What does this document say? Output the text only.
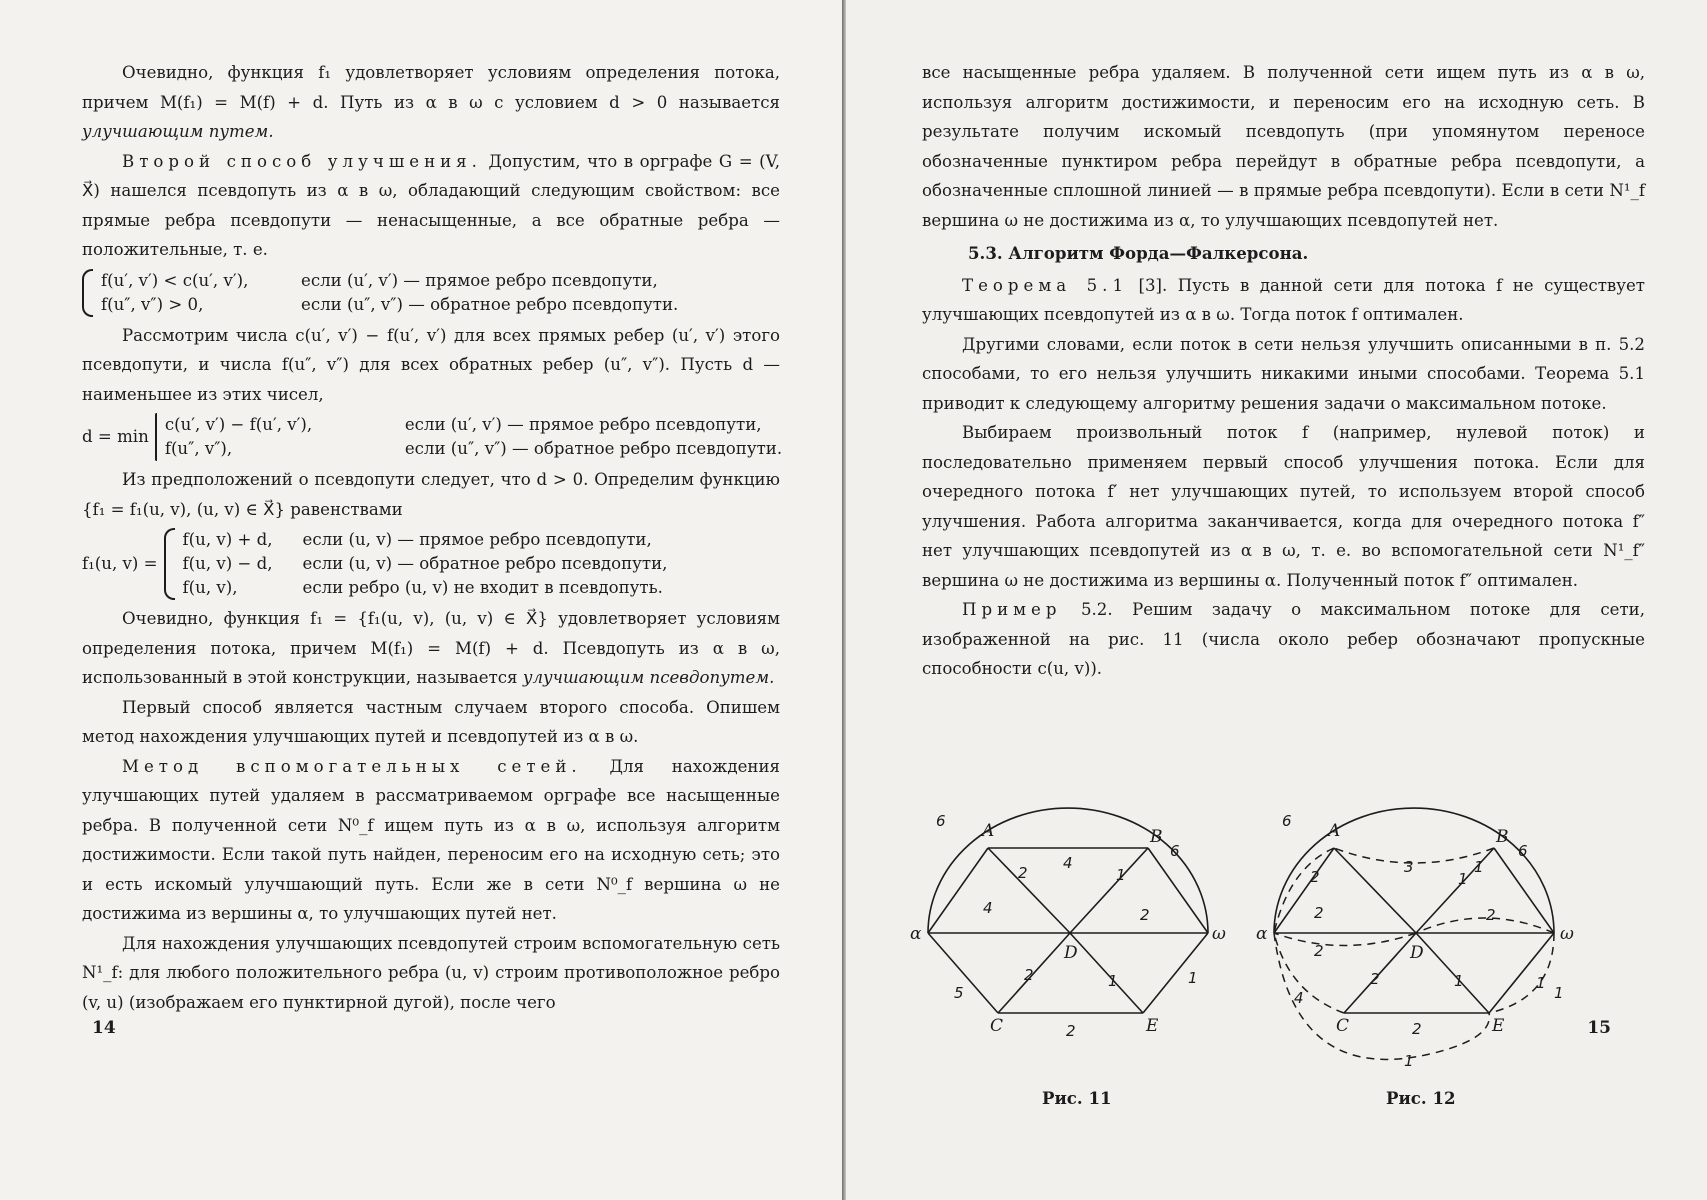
Очевидно, функция f₁ удовлетворяет условиям определения потока, причем M(f₁) = M(f) + d. Путь из α в ω с условием d > 0 называется улучшающим путем.

Второй способ улучшения. Допустим, что в орграфе G = (V, X⃗) нашелся псевдопуть из α в ω, обладающий следующим свойством: все прямые ребра псевдопути — ненасыщенные, а все обратные ребра — положительные, т. е.

f(u′, v′) < c(u′, v′),	если (u′, v′) — прямое ребро псевдопути,
f(u″, v″) > 0,	если (u″, v″) — обратное ребро псевдопути.

Рассмотрим числа c(u′, v′) − f(u′, v′) для всех прямых ребер (u′, v′) этого псевдопути, и числа f(u″, v″) для всех обратных ребер (u″, v″). Пусть d — наименьшее из этих чисел,

d = min
c(u′, v′) − f(u′, v′),	если (u′, v′) — прямое ребро псевдопути,
f(u″, v″),	если (u″, v″) — обратное ребро псевдопути.

Из предположений о псевдопути следует, что d > 0. Определим функцию {f₁ = f₁(u, v), (u, v) ∈ X⃗} равенствами

f₁(u, v) =
f(u, v) + d,	если (u, v) — прямое ребро псевдопути,
f(u, v) − d,	если (u, v) — обратное ребро псевдопути,
f(u, v),	если ребро (u, v) не входит в псевдопуть.

Очевидно, функция f₁ = {f₁(u, v), (u, v) ∈ X⃗} удовлетворяет условиям определения потока, причем M(f₁) = M(f) + d. Псевдопуть из α в ω, использованный в этой конструкции, называется улучшающим псевдопутем.

Первый способ является частным случаем второго способа. Опишем метод нахождения улучшающих путей и псевдопутей из α в ω.

Метод вспомогательных сетей. Для нахождения улучшающих путей удаляем в рассматриваемом орграфе все насыщенные ребра. В полученной сети N⁰_f ищем путь из α в ω, используя алгоритм достижимости. Если такой путь найден, переносим его на исходную сеть; это и есть искомый улучшающий путь. Если же в сети N⁰_f вершина ω не достижима из вершины α, то улучшающих путей нет.

Для нахождения улучшающих псевдопутей строим вспомогательную сеть N¹_f: для любого положительного ребра (u, v) строим противоположное ребро (v, u) (изображаем его пунктирной дугой), после чего

14

все насыщенные ребра удаляем. В полученной сети ищем путь из α в ω, используя алгоритм достижимости, и переносим его на исходную сеть. В результате получим искомый псевдопуть (при упомянутом переносе обозначенные пунктиром ребра перейдут в обратные ребра псевдопути, а обозначенные сплошной линией — в прямые ребра псевдопути). Если в сети N¹_f вершина ω не достижима из α, то улучшающих псевдопутей нет.

5.3. Алгоритм Форда—Фалкерсона.

Теорема 5.1 [3]. Пусть в данной сети для потока f не существует улучшающих псевдопутей из α в ω. Тогда поток f оптимален.

Другими словами, если поток в сети нельзя улучшить описанными в п. 5.2 способами, то его нельзя улучшить никакими иными способами. Теорема 5.1 приводит к следующему алгоритму решения задачи о максимальном потоке.

Выбираем произвольный поток f (например, нулевой поток) и последовательно применяем первый способ улучшения потока. Если для очередного потока f′ нет улучшающих путей, то используем второй способ улучшения. Работа алгоритма заканчивается, когда для очередного потока f″ нет улучшающих псевдопутей из α в ω, т. е. во вспомогательной сети N¹_f″ вершина ω не достижима из вершины α. Полученный поток f″ оптимален.

Пример 5.2. Решим задачу о максимальном потоке для сети, изображенной на рис. 11 (числа около ребер обозначают пропускные способности c(u, v)).

α	ω
A	B
C
D
E
6
2
4
1
6
4	2
1
5
2	1
2
Рис. 11
α	ω
A	B
C
D
E
6
2
3
1
1
6
2
2
2
1
4
2	1
2
1
1
Рис. 12
15
